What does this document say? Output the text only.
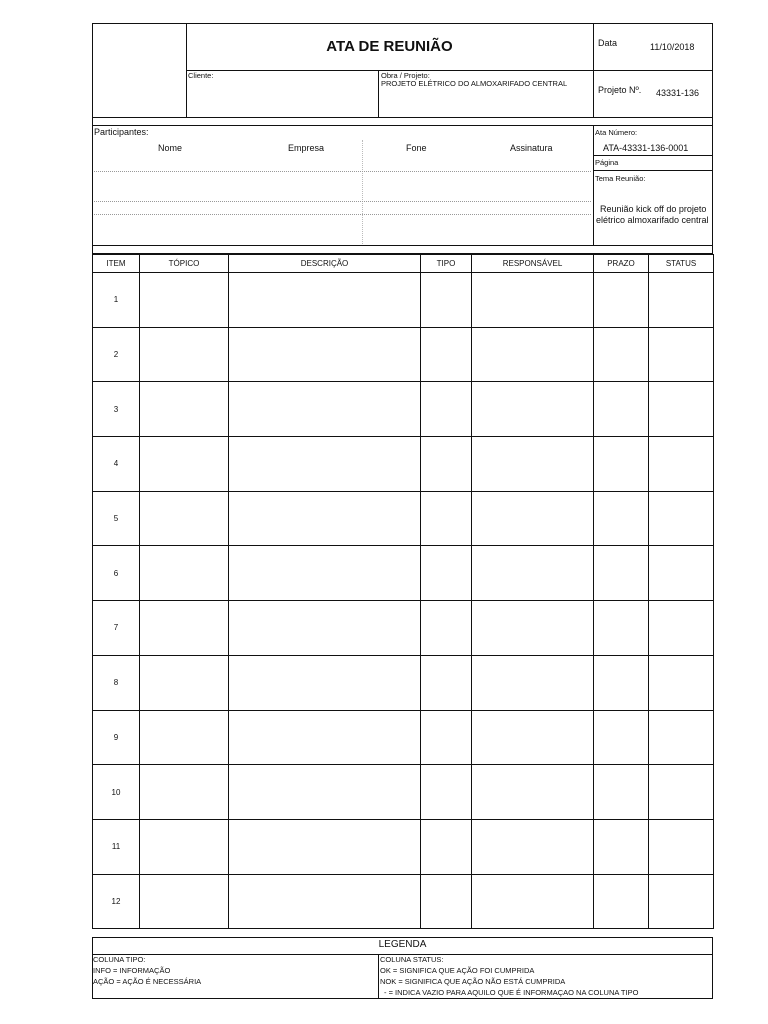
ATA DE REUNIÃO	Data	11/10/2018
Cliente:	Obra / Projeto:
PROJETO ELÉTRICO DO ALMOXARIFADO CENTRAL
Projeto Nº. 43331-136
Participantes:
Nome	Empresa	Fone	Assinatura
Ata Número:
ATA-43331-136-0001
Página
Tema Reunião:
Reunião kick off do projeto
elétrico almoxarifado central
ITEM	TÓPICO	DESCRIÇÃO	TIPO	RESPONSÁVEL	PRAZO	STATUS
1						
2						
3						
4						
5						
6						
7						
8						
9						
10						
11						
12						
LEGENDA
COLUNA TIPO:
INFO = INFORMAÇÃO
AÇÃO = AÇÃO É NECESSÁRIA
COLUNA STATUS:
OK = SIGNIFICA QUE AÇÃO FOI CUMPRIDA
NOK = SIGNIFICA QUE AÇÃO NÃO ESTÁ CUMPRIDA
- = INDICA VAZIO PARA AQUILO QUE É INFORMAÇAO NA COLUNA TIPO
